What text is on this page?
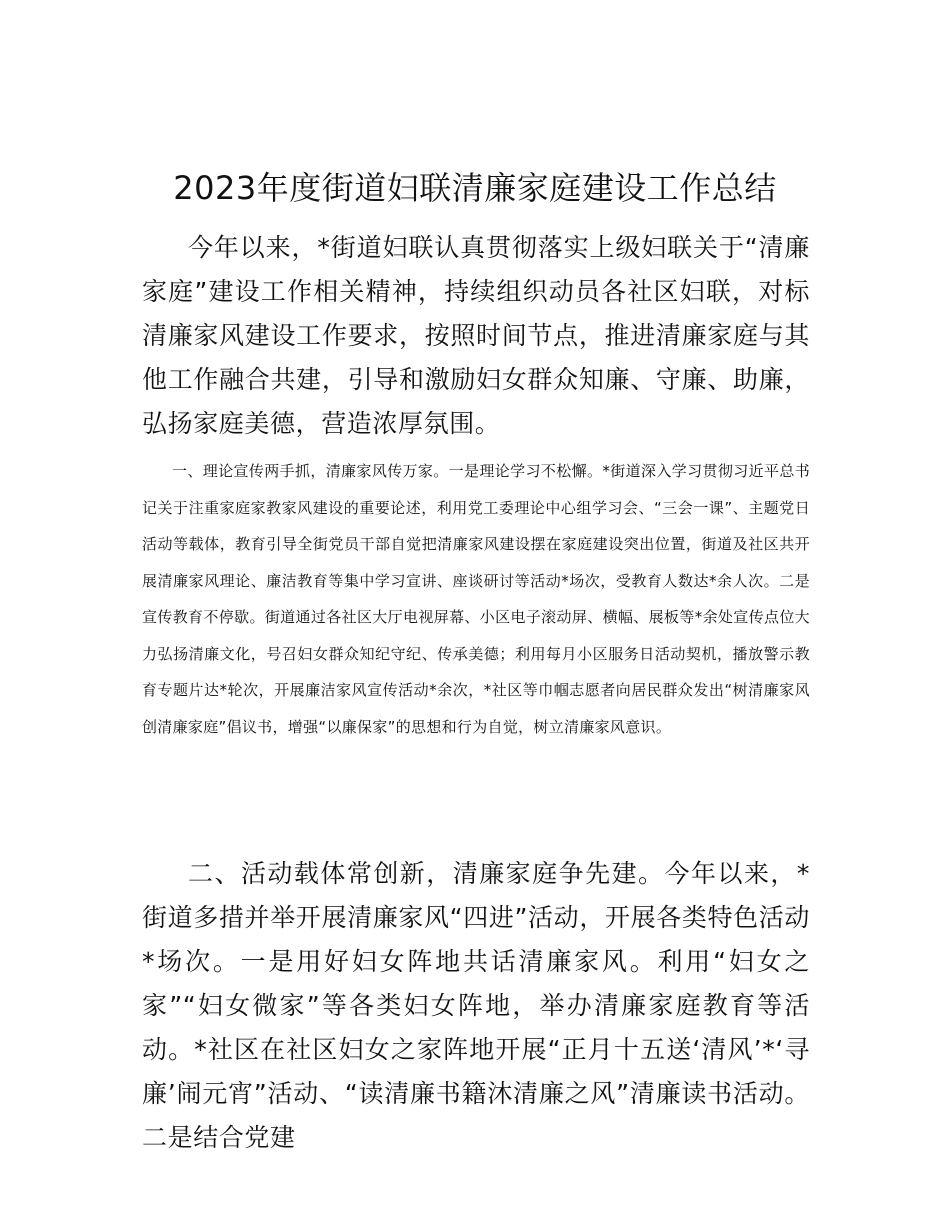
2023年度街道妇联清廉家庭建设工作总结

今年以来，*街道妇联认真贯彻落实上级妇联关于“清廉家庭”建设工作相关精神，持续组织动员各社区妇联，对标清廉家风建设工作要求，按照时间节点，推进清廉家庭与其他工作融合共建，引导和激励妇女群众知廉、守廉、助廉，弘扬家庭美德，营造浓厚氛围。

一、理论宣传两手抓，清廉家风传万家。一是理论学习不松懈。*街道深入学习贯彻习近平总书记关于注重家庭家教家风建设的重要论述，利用党工委理论中心组学习会、“三会一课”、主题党日活动等载体，教育引导全街党员干部自觉把清廉家风建设摆在家庭建设突出位置，街道及社区共开展清廉家风理论、廉洁教育等集中学习宣讲、座谈研讨等活动*场次，受教育人数达*余人次。二是宣传教育不停歇。街道通过各社区大厅电视屏幕、小区电子滚动屏、横幅、展板等*余处宣传点位大力弘扬清廉文化，号召妇女群众知纪守纪、传承美德；利用每月小区服务日活动契机，播放警示教育专题片达*轮次，开展廉洁家风宣传活动*余次，*社区等巾帼志愿者向居民群众发出“树清廉家风创清廉家庭”倡议书，增强“以廉保家”的思想和行为自觉，树立清廉家风意识。

二、活动载体常创新，清廉家庭争先建。今年以来，*街道多措并举开展清廉家风“四进”活动，开展各类特色活动*场次。一是用好妇女阵地共话清廉家风。利用“妇女之家”“妇女微家”等各类妇女阵地，举办清廉家庭教育等活动。*社区在社区妇女之家阵地开展“正月十五送‘清风’*‘寻廉’闹元宵”活动、“读清廉书籍沐清廉之风”清廉读书活动。二是结合党建
